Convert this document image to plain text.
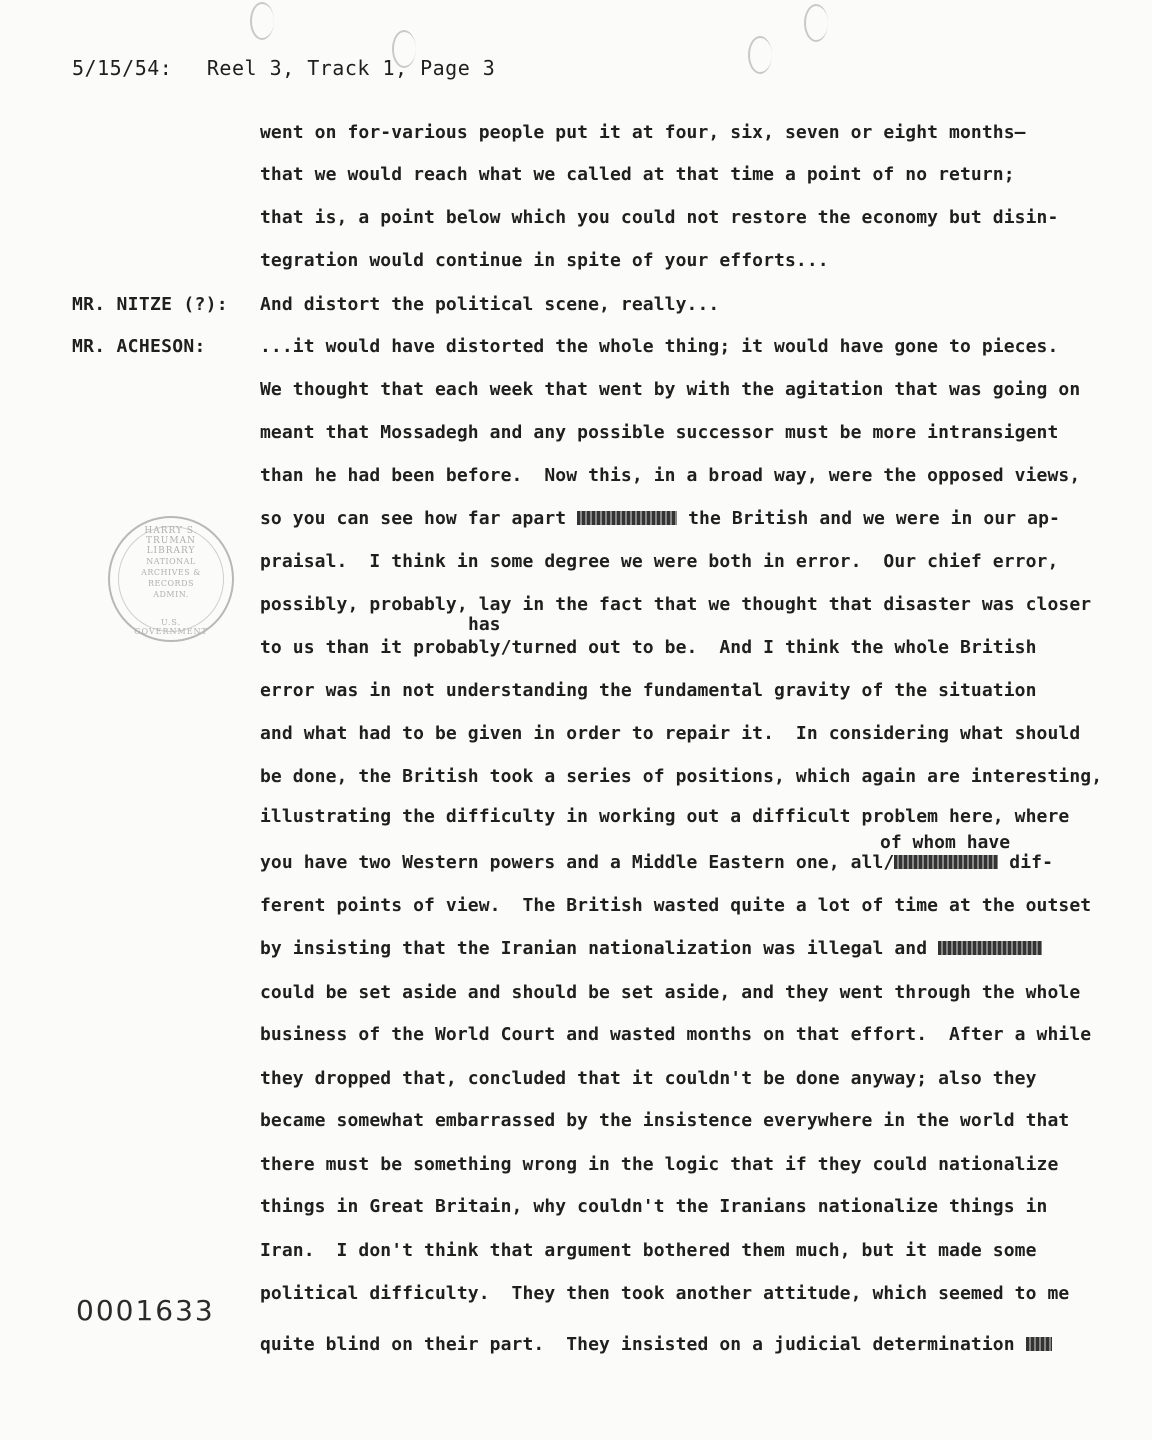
5/15/54: Reel 3, Track 1, Page 3
MR. NITZE (?):
MR. ACHESON:
went on for-various people put it at four, six, seven or eight months—
that we would reach what we called at that time a point of no return;
that is, a point below which you could not restore the economy but disin-
tegration would continue in spite of your efforts...
And distort the political scene, really...
...it would have distorted the whole thing; it would have gone to pieces.
We thought that each week that went by with the agitation that was going on
meant that Mossadegh and any possible successor must be more intransigent
than he had been before.  Now this, in a broad way, were the opposed views,
so you can see how far apart	the British and we were in our ap-
praisal.  I think in some degree we were both in error.  Our chief error,
possibly, probably, lay in the fact that we thought that disaster was closer
has
to us than it probably/turned out to be.  And I think the whole British
error was in not understanding the fundamental gravity of the situation
and what had to be given in order to repair it.  In considering what should
be done, the British took a series of positions, which again are interesting,
illustrating the difficulty in working out a difficult problem here, where
of whom have
you have two Western powers and a Middle Eastern one, all/	dif-
ferent points of view.  The British wasted quite a lot of time at the outset
by insisting that the Iranian nationalization was illegal and
could be set aside and should be set aside, and they went through the whole
business of the World Court and wasted months on that effort.  After a while
they dropped that, concluded that it couldn't be done anyway; also they
became somewhat embarrassed by the insistence everywhere in the world that
there must be something wrong in the logic that if they could nationalize
things in Great Britain, why couldn't the Iranians nationalize things in
Iran.  I don't think that argument bothered them much, but it made some
political difficulty.  They then took another attitude, which seemed to me
quite blind on their part.  They insisted on a judicial determination
HARRY S. TRUMAN LIBRARY
NATIONAL
ARCHIVES &
RECORDS
ADMIN.
U.S. GOVERNMENT
0001633
